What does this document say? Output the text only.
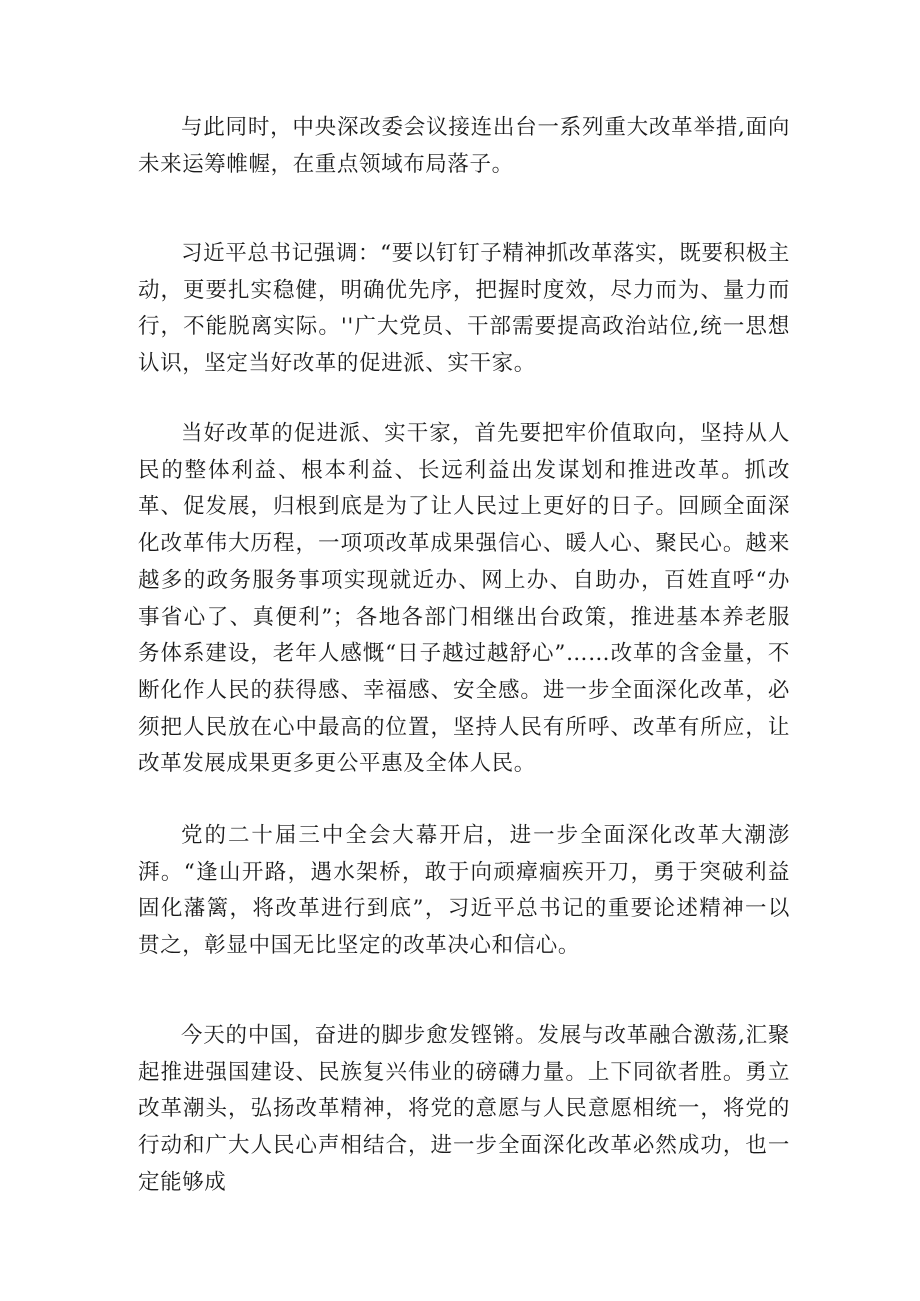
与此同时，中央深改委会议接连出台一系列重大改革举措,面向未来运筹帷幄，在重点领域布局落子。

习近平总书记强调：“要以钉钉子精神抓改革落实，既要积极主动，更要扎实稳健，明确优先序，把握时度效，尽力而为、量力而行，不能脱离实际。''广大党员、干部需要提高政治站位,统一思想认识，坚定当好改革的促进派、实干家。

当好改革的促进派、实干家，首先要把牢价值取向，坚持从人民的整体利益、根本利益、长远利益出发谋划和推进改革。抓改革、促发展，归根到底是为了让人民过上更好的日子。回顾全面深化改革伟大历程，一项项改革成果强信心、暖人心、聚民心。越来越多的政务服务事项实现就近办、网上办、自助办，百姓直呼“办事省心了、真便利”；各地各部门相继出台政策，推进基本养老服务体系建设，老年人感慨“日子越过越舒心”……改革的含金量，不断化作人民的获得感、幸福感、安全感。进一步全面深化改革，必须把人民放在心中最高的位置，坚持人民有所呼、改革有所应，让改革发展成果更多更公平惠及全体人民。

党的二十届三中全会大幕开启，进一步全面深化改革大潮澎湃。“逢山开路，遇水架桥，敢于向顽瘴痼疾开刀，勇于突破利益固化藩篱，将改革进行到底”，习近平总书记的重要论述精神一以贯之，彰显中国无比坚定的改革决心和信心。

今天的中国，奋进的脚步愈发铿锵。发展与改革融合激荡,汇聚起推进强国建设、民族复兴伟业的磅礴力量。上下同欲者胜。勇立改革潮头，弘扬改革精神，将党的意愿与人民意愿相统一，将党的行动和广大人民心声相结合，进一步全面深化改革必然成功，也一定能够成
